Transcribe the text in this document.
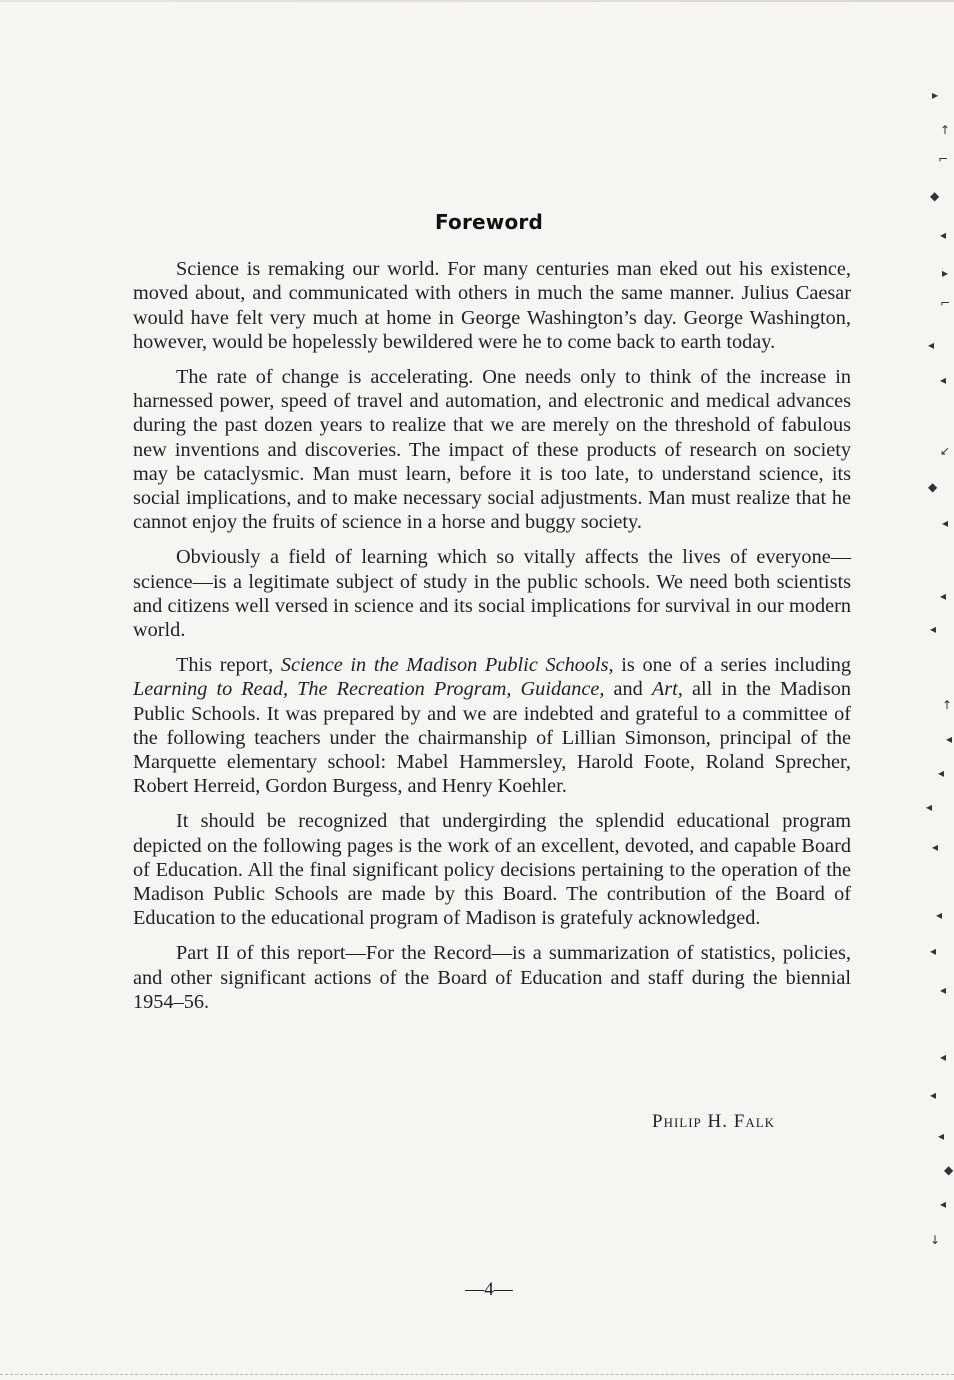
Foreword

Science is remaking our world. For many centuries man eked out his existence, moved about, and communicated with others in much the same manner. Julius Caesar would have felt very much at home in George Washington’s day. George Washington, however, would be hopelessly bewildered were he to come back to earth today.

The rate of change is accelerating. One needs only to think of the increase in harnessed power, speed of travel and automation, and electronic and medical advances during the past dozen years to realize that we are merely on the threshold of fabulous new inventions and discoveries. The impact of these products of research on society may be cataclysmic. Man must learn, before it is too late, to understand science, its social implications, and to make necessary social adjustments. Man must realize that he cannot enjoy the fruits of science in a horse and buggy society.

Obviously a field of learning which so vitally affects the lives of everyone—science—is a legitimate subject of study in the public schools. We need both scientists and citizens well versed in science and its social implications for survival in our modern world.

This report, Science in the Madison Public Schools, is one of a series including Learning to Read, The Recreation Program, Guidance, and Art, all in the Madison Public Schools. It was prepared by and we are indebted and grateful to a committee of the following teachers under the chairmanship of Lillian Simonson, principal of the Marquette elementary school: Mabel Hammersley, Harold Foote, Roland Sprecher, Robert Herreid, Gordon Burgess, and Henry Koehler.

It should be recognized that undergirding the splendid educational program depicted on the following pages is the work of an excellent, devoted, and capable Board of Education. All the final significant policy decisions pertaining to the operation of the Madison Public Schools are made by this Board. The contribution of the Board of Education to the educational program of Madison is gratefuly acknowledged.

Part II of this report—For the Record—is a summarization of statistics, policies, and other significant actions of the Board of Education and staff during the biennial 1954–56.

Philip H. Falk
—4—
▸
↑
⌐
◆
◂
▸
⌐
◂
◂
↙
◆
◂
◂
◂
↑
◂
◂
◂
◂
◂
◂
◂
◂
◂
◂
◆
◂
↓
